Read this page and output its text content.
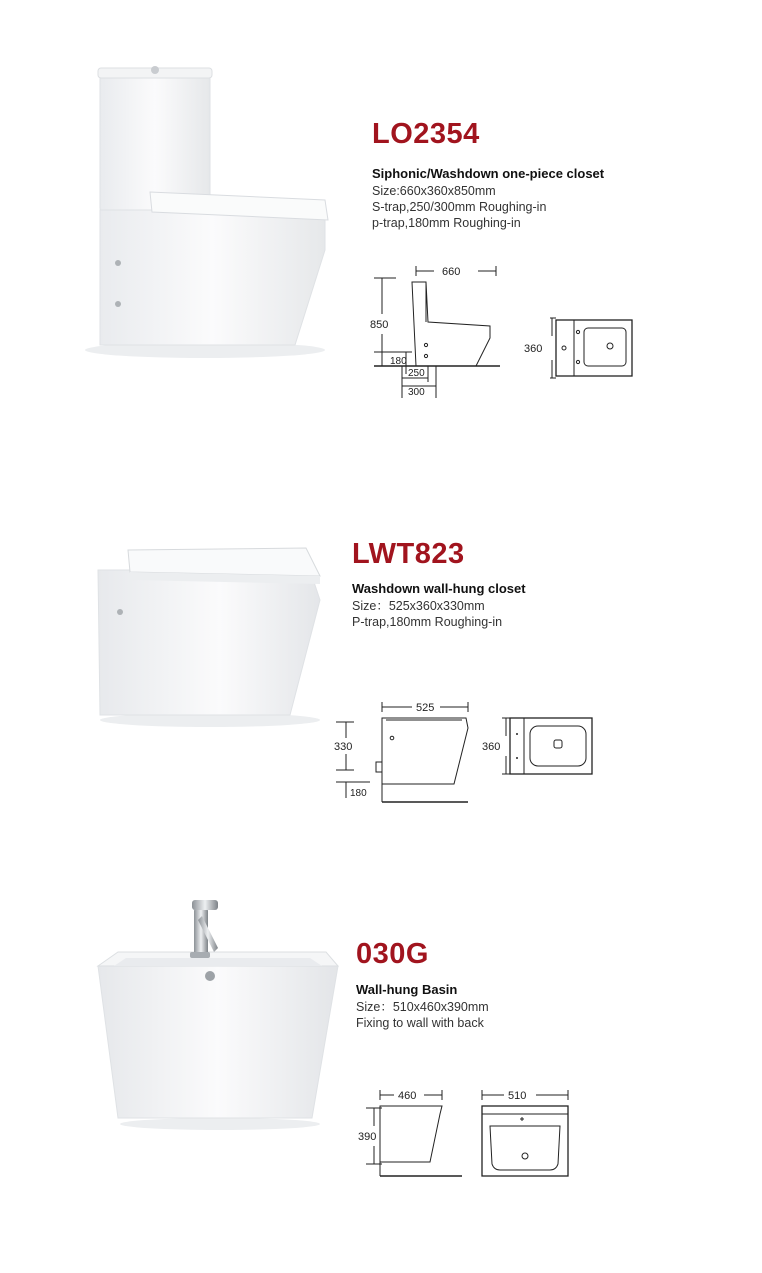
LO2354
Siphonic/Washdown one-piece closet
Size:660x360x850mm
S-trap,250/300mm Roughing-in
p-trap,180mm Roughing-in
660
850
180
250
300
360
LWT823
Washdown wall-hung closet
Size：525x360x330mm
P-trap,180mm Roughing-in
525
330
180
360
030G
Wall-hung Basin
Size：510x460x390mm
Fixing to wall with back
460
390
510
